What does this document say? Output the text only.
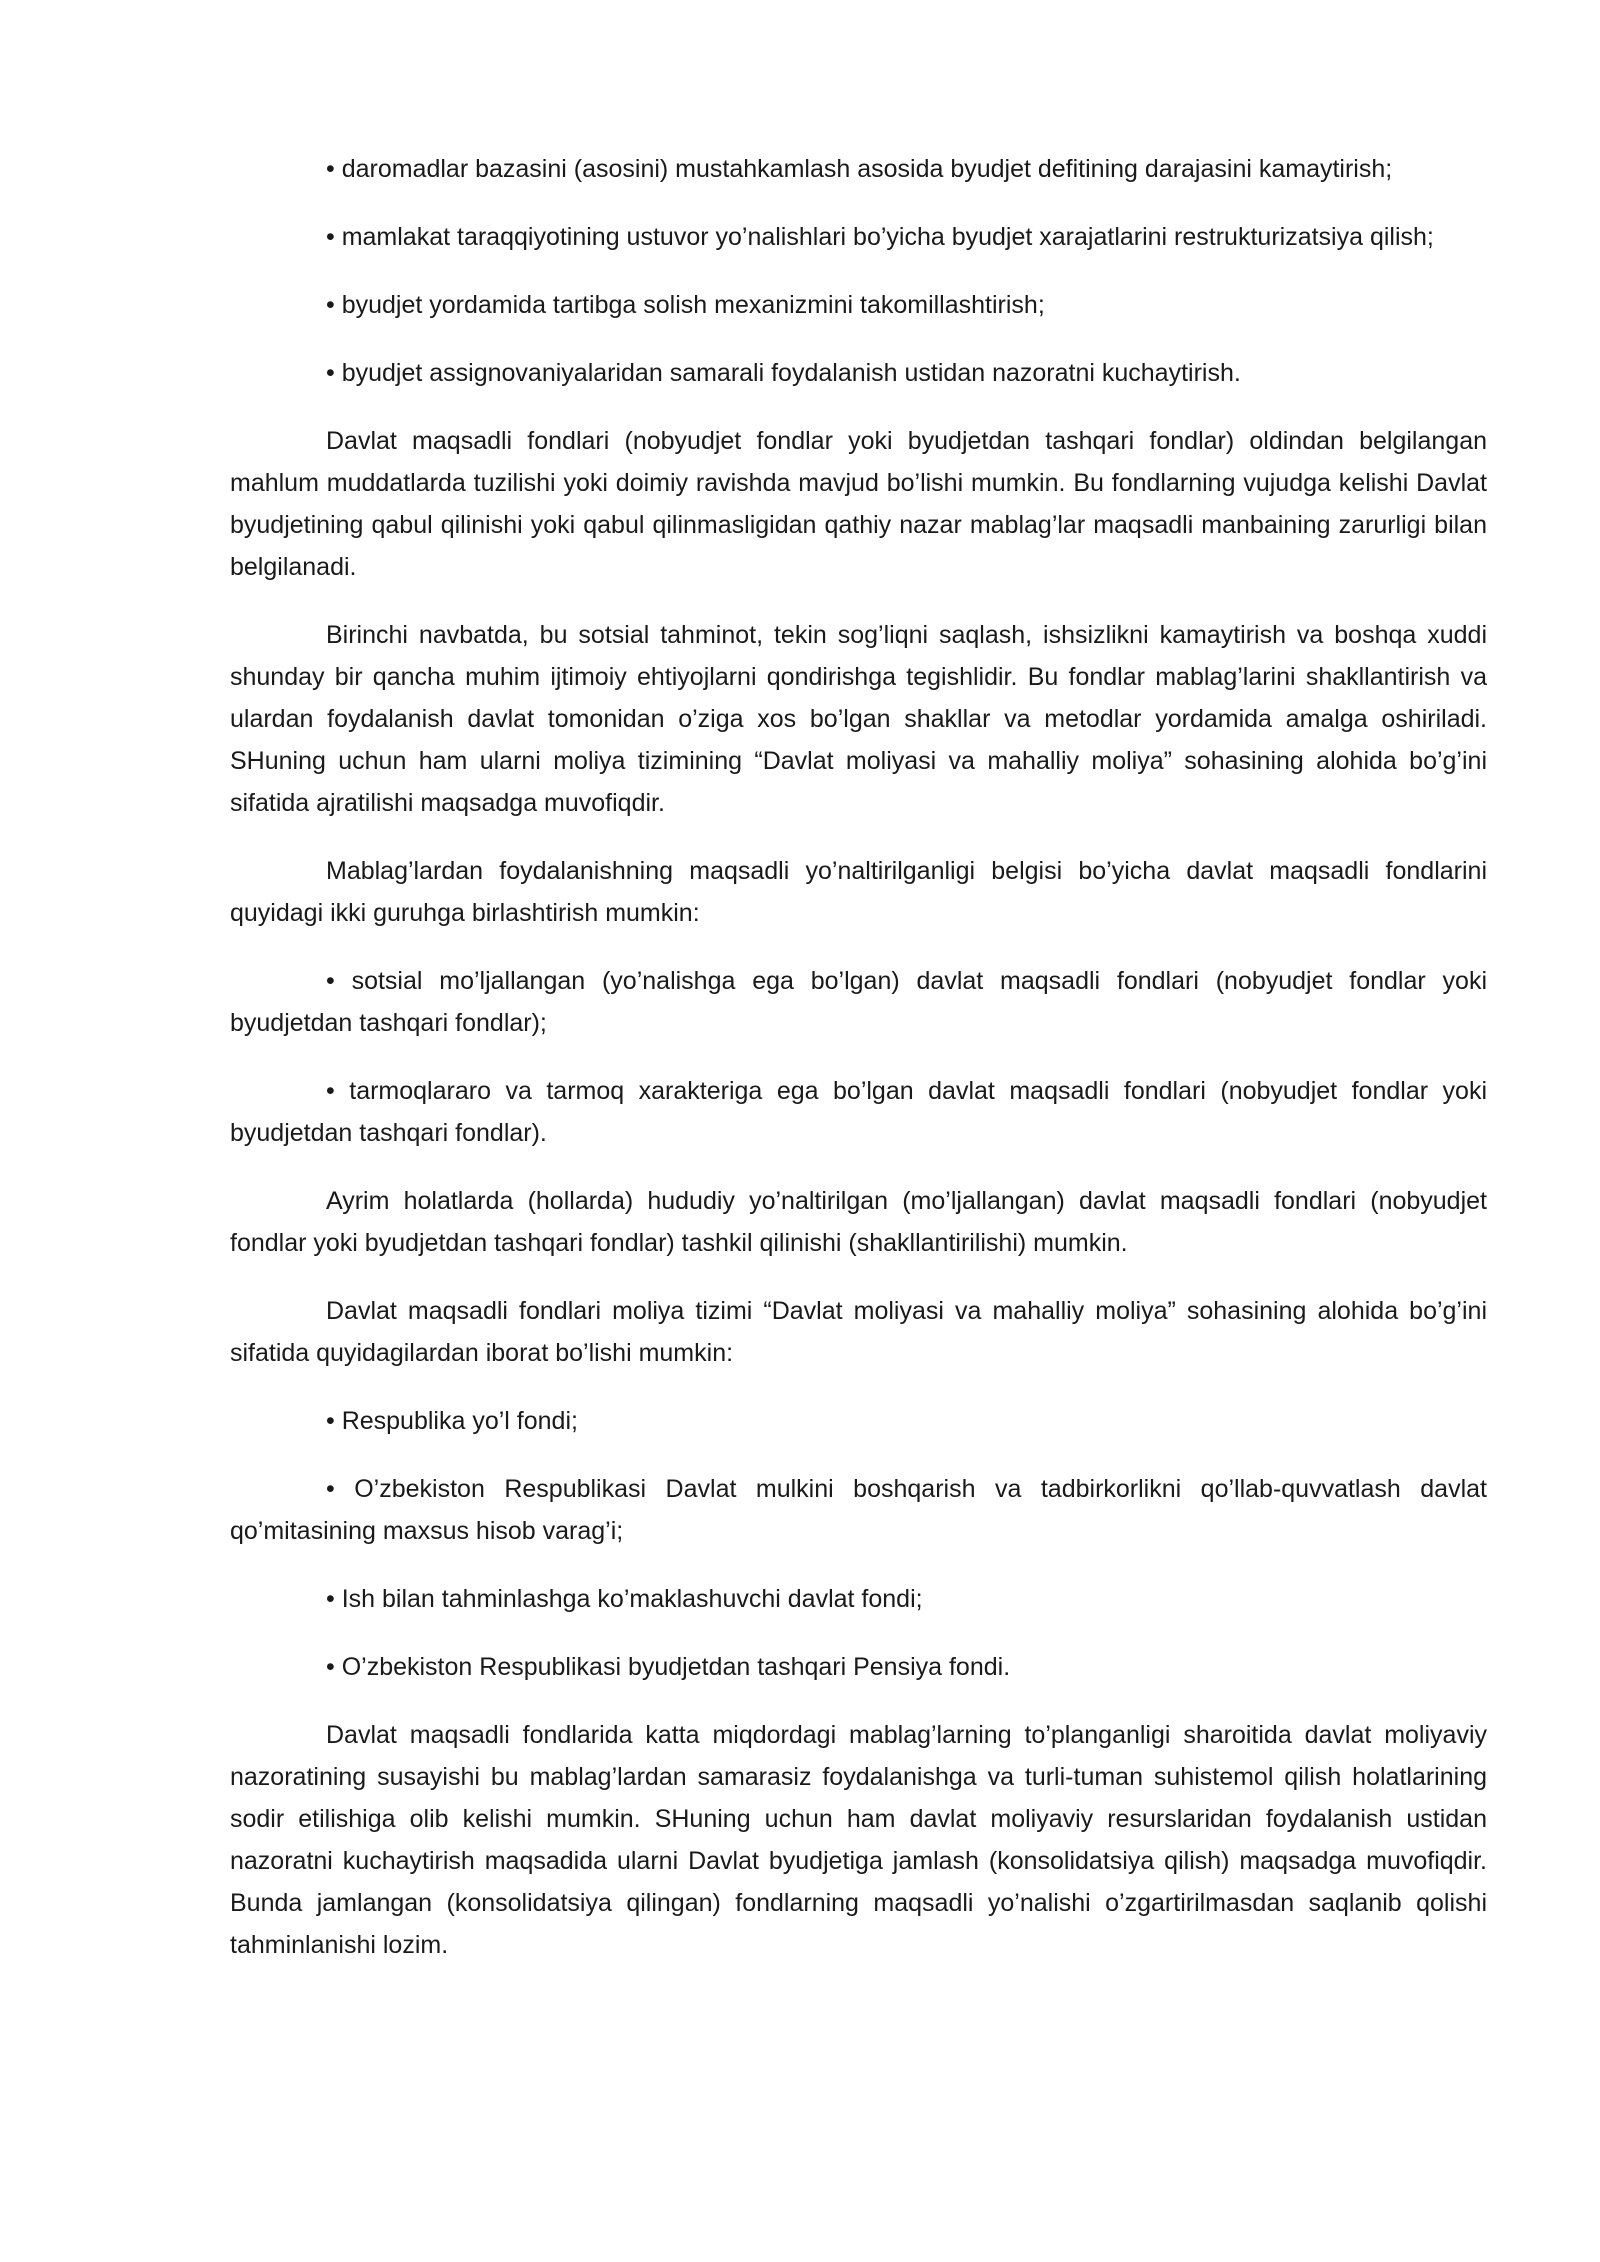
• daromadlar bazasini (asosini) mustahkamlash asosida byudjet defitining darajasini kamaytirish;

• mamlakat taraqqiyotining ustuvor yo’nalishlari bo’yicha byudjet xarajatlarini restrukturizatsiya qilish;

• byudjet yordamida tartibga solish mexanizmini takomillashtirish;

• byudjet assignovaniyalaridan samarali foydalanish ustidan nazoratni kuchaytirish.

Davlat maqsadli fondlari (nobyudjet fondlar yoki byudjetdan tashqari fondlar) oldindan belgilangan mahlum muddatlarda tuzilishi yoki doimiy ravishda mavjud bo’lishi mumkin. Bu fondlarning vujudga kelishi Davlat byudjetining qabul qilinishi yoki qabul qilinmasligidan qathiy nazar mablag’lar maqsadli manbaining zarurligi bilan belgilanadi.

Birinchi navbatda, bu sotsial tahminot, tekin sog’liqni saqlash, ishsizlikni kamaytirish va boshqa xuddi shunday bir qancha muhim ijtimoiy ehtiyojlarni qondirishga tegishlidir. Bu fondlar mablag’larini shakllantirish va ulardan foydalanish davlat tomonidan o’ziga xos bo’lgan shakllar va metodlar yordamida amalga oshiriladi. SHuning uchun ham ularni moliya tizimining “Davlat moliyasi va mahalliy moliya” sohasining alohida bo’g’ini sifatida ajratilishi maqsadga muvofiqdir.

Mablag’lardan foydalanishning maqsadli yo’naltirilganligi belgisi bo’yicha davlat maqsadli fondlarini quyidagi ikki guruhga birlashtirish mumkin:

• sotsial mo’ljallangan (yo’nalishga ega bo’lgan) davlat maqsadli fondlari (nobyudjet fondlar yoki byudjetdan tashqari fondlar);

• tarmoqlararo va tarmoq xarakteriga ega bo’lgan davlat maqsadli fondlari (nobyudjet fondlar yoki byudjetdan tashqari fondlar).

Ayrim holatlarda (hollarda) hududiy yo’naltirilgan (mo’ljallangan) davlat maqsadli fondlari (nobyudjet fondlar yoki byudjetdan tashqari fondlar) tashkil qilinishi (shakllantirilishi) mumkin.

Davlat maqsadli fondlari moliya tizimi “Davlat moliyasi va mahalliy moliya” sohasining alohida bo’g’ini sifatida quyidagilardan iborat bo’lishi mumkin:

• Respublika yo’l fondi;

• O’zbekiston Respublikasi Davlat mulkini boshqarish va tadbirkorlikni qo’llab-quvvatlash davlat qo’mitasining maxsus hisob varag’i;

• Ish bilan tahminlashga ko’maklashuvchi davlat fondi;

• O’zbekiston Respublikasi byudjetdan tashqari Pensiya fondi.

Davlat maqsadli fondlarida katta miqdordagi mablag’larning to’planganligi sharoitida davlat moliyaviy nazoratining susayishi bu mablag’lardan samarasiz foydalanishga va turli-tuman suhistemol qilish holatlarining sodir etilishiga olib kelishi mumkin. SHuning uchun ham davlat moliyaviy resurslaridan foydalanish ustidan nazoratni kuchaytirish maqsadida ularni Davlat byudjetiga jamlash (konsolidatsiya qilish) maqsadga muvofiqdir. Bunda jamlangan (konsolidatsiya qilingan) fondlarning maqsadli yo’nalishi o’zgartirilmasdan saqlanib qolishi tahminlanishi lozim.
